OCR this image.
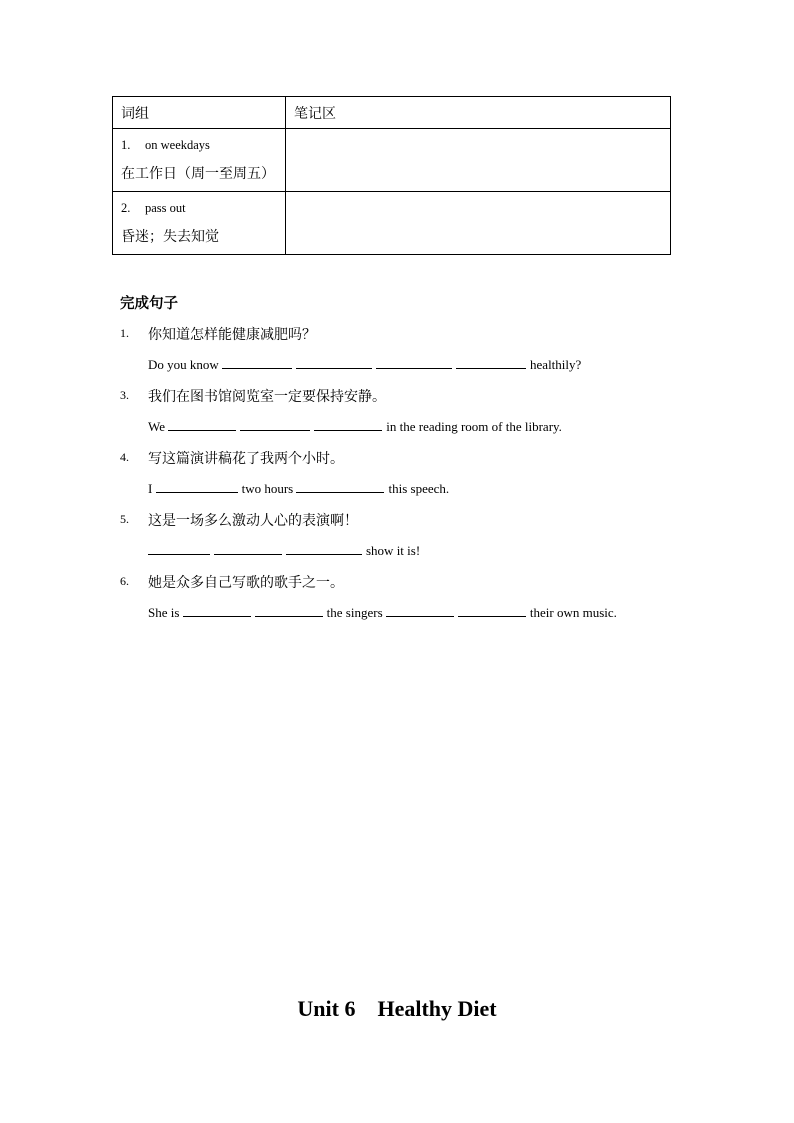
词组	笔记区

1. on weekdays
在工作日（周一至周五）	

2. pass out
昏迷；失去知觉	

完成句子
1. 你知道怎样能健康减肥吗？
Do you know	healthily?
3. 我们在图书馆阅览室一定要保持安静。
We	in the reading room of the library.
4. 写这篇演讲稿花了我两个小时。
I	two hours	this speech.
5. 这是一场多么激动人心的表演啊！
show it is!
6. 她是众多自己写歌的歌手之一。
She is	the singers	their own music.
Unit 6    Healthy Diet
